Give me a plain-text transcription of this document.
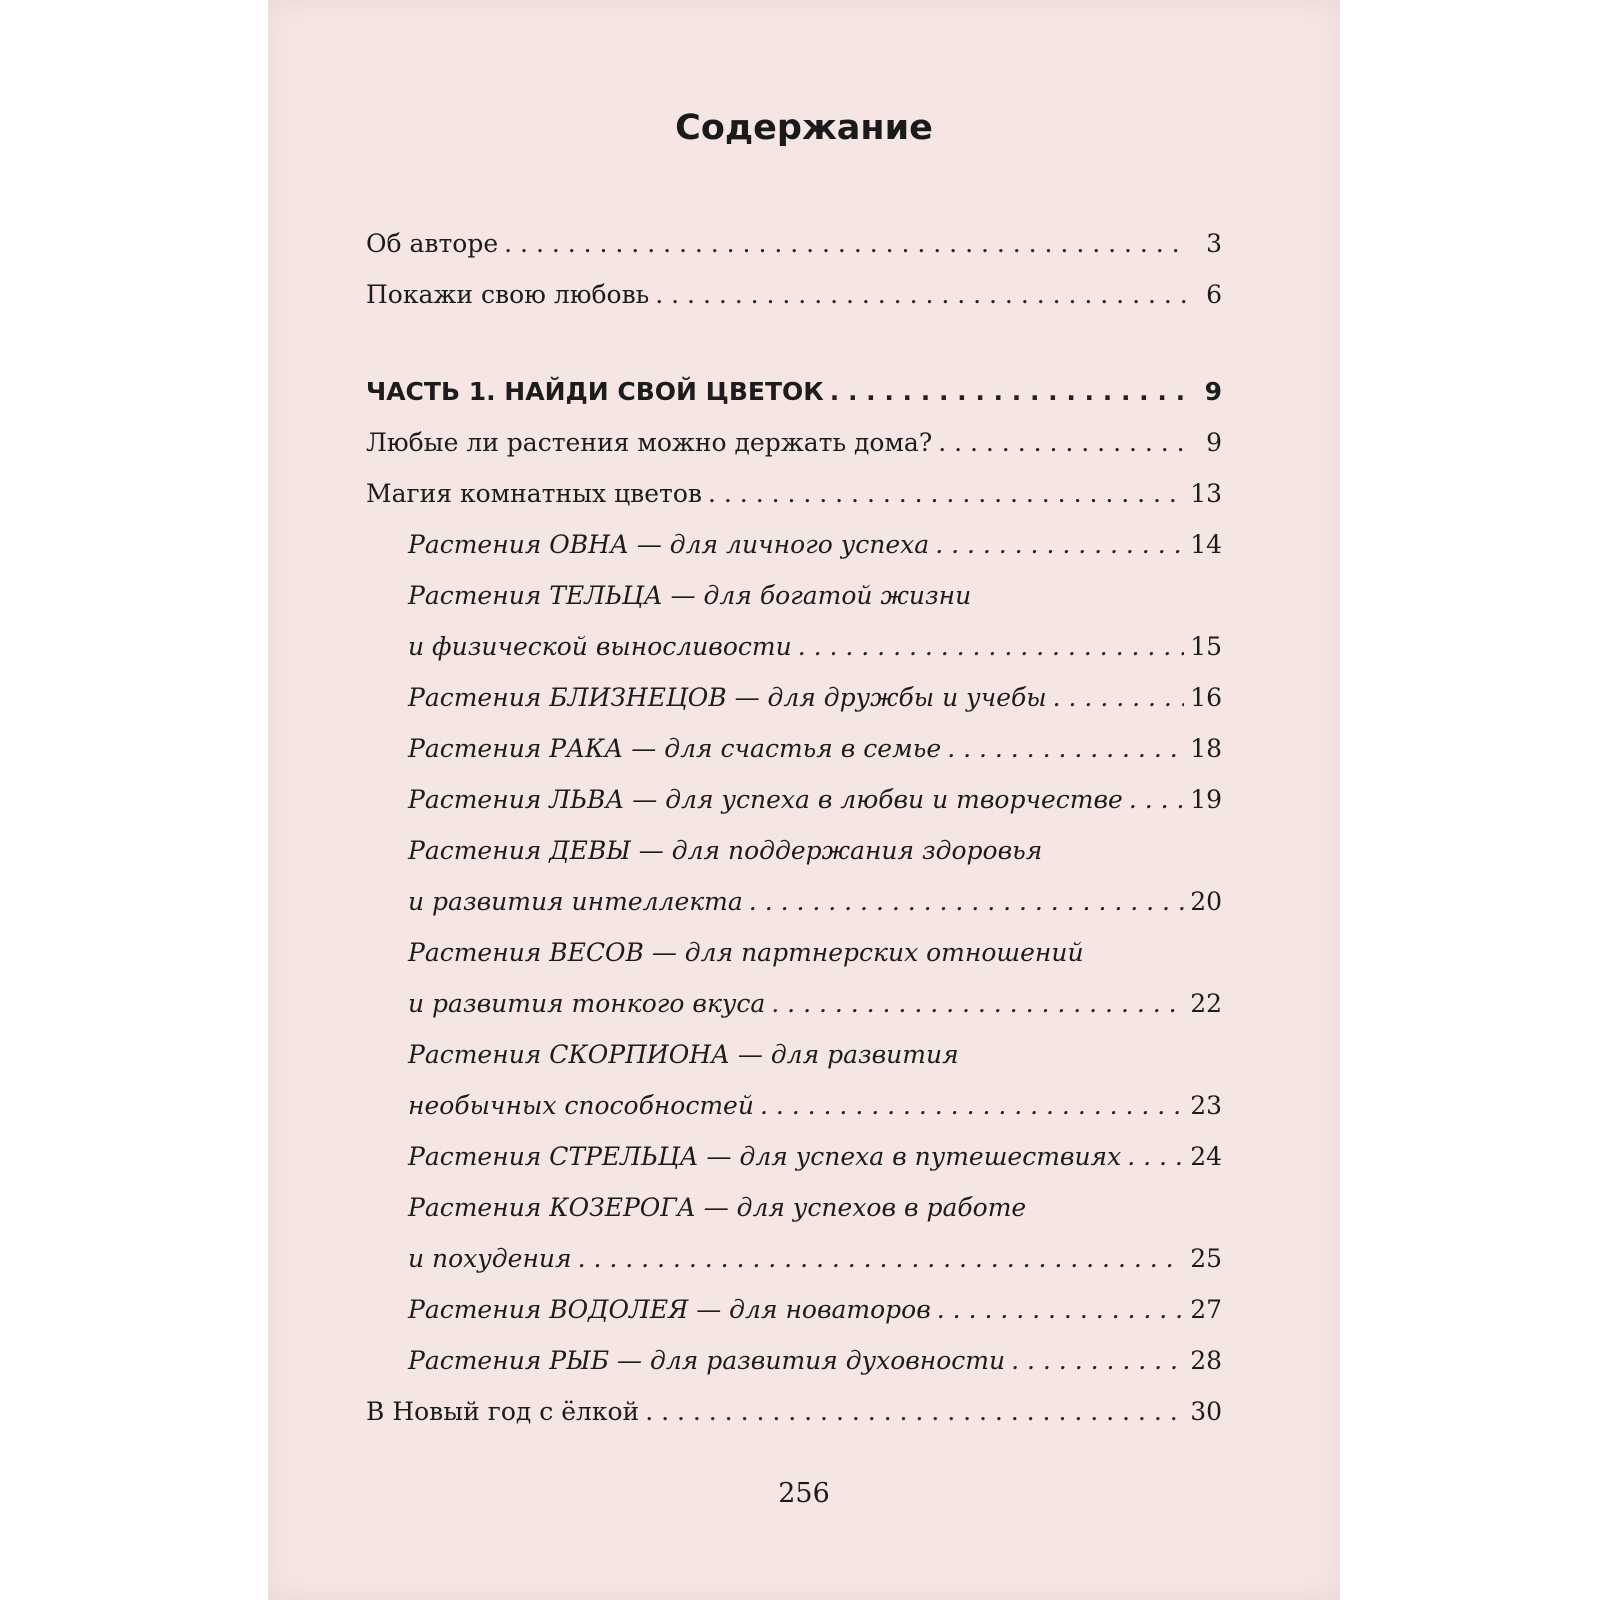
Содержание
Об авторе . . .	3
Покажи свою любовь . . .	6
ЧАСТЬ 1. НАЙДИ СВОЙ ЦВЕТОК . . .	9
Любые ли растения можно держать дома? . . .	9
Магия комнатных цветов . . .	13
Растения ОВНА — для личного успеха . . .	14
Растения ТЕЛЬЦА — для богатой жизни
и физической выносливости . . .	15
Растения БЛИЗНЕЦОВ — для дружбы и учебы . . .	16
Растения РАКА — для счастья в семье . . .	18
Растения ЛЬВА — для успеха в любви и творчестве . . .	19
Растения ДЕВЫ — для поддержания здоровья
и развития интеллекта . . .	20
Растения ВЕСОВ — для партнерских отношений
и развития тонкого вкуса . . .	22
Растения СКОРПИОНА — для развития
необычных способностей . . .	23
Растения СТРЕЛЬЦА — для успеха в путешествиях . . .	24
Растения КОЗЕРОГА — для успехов в работе
и похудения . . .	25
Растения ВОДОЛЕЯ — для новаторов . . .	27
Растения РЫБ — для развития духовности . . .	28
В Новый год с ёлкой . . .	30
256
